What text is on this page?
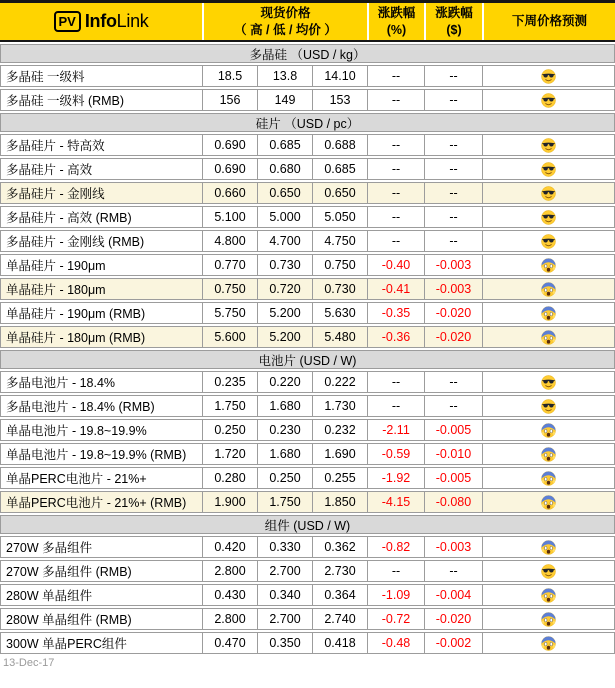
PV Info Link	现货价格
（ 高 / 低 / 均价 ）
涨跌幅
(%)
涨跌幅
($)
下周价格预测
多晶硅 （USD / kg）
多晶硅 一级料	18.5	13.8	14.10	--	--
多晶硅 一级料 (RMB)	156	149	153	--	--
硅片 （USD / pc）
多晶硅片 - 特高效	0.690	0.685	0.688	--	--
多晶硅片 - 高效	0.690	0.680	0.685	--	--
多晶硅片 - 金刚线	0.660	0.650	0.650	--	--
多晶硅片 - 高效 (RMB)	5.100	5.000	5.050	--	--
多晶硅片 - 金刚线 (RMB)	4.800	4.700	4.750	--	--
单晶硅片 - 190μm	0.770	0.730	0.750	-0.40	-0.003
单晶硅片 - 180μm	0.750	0.720	0.730	-0.41	-0.003
单晶硅片 - 190μm (RMB)	5.750	5.200	5.630	-0.35	-0.020
单晶硅片 - 180μm (RMB)	5.600	5.200	5.480	-0.36	-0.020
电池片 (USD / W)
多晶电池片 - 18.4%	0.235	0.220	0.222	--	--
多晶电池片 - 18.4% (RMB)	1.750	1.680	1.730	--	--
单晶电池片 - 19.8~19.9%	0.250	0.230	0.232	-2.11	-0.005
单晶电池片 - 19.8~19.9% (RMB)	1.720	1.680	1.690	-0.59	-0.010
单晶PERC电池片 - 21%+	0.280	0.250	0.255	-1.92	-0.005
单晶PERC电池片 - 21%+ (RMB)	1.900	1.750	1.850	-4.15	-0.080
组件 (USD / W)
270W 多晶组件	0.420	0.330	0.362	-0.82	-0.003
270W 多晶组件 (RMB)	2.800	2.700	2.730	--	--
280W 单晶组件	0.430	0.340	0.364	-1.09	-0.004
280W 单晶组件 (RMB)	2.800	2.700	2.740	-0.72	-0.020
300W 单晶PERC组件	0.470	0.350	0.418	-0.48	-0.002
13-Dec-17
